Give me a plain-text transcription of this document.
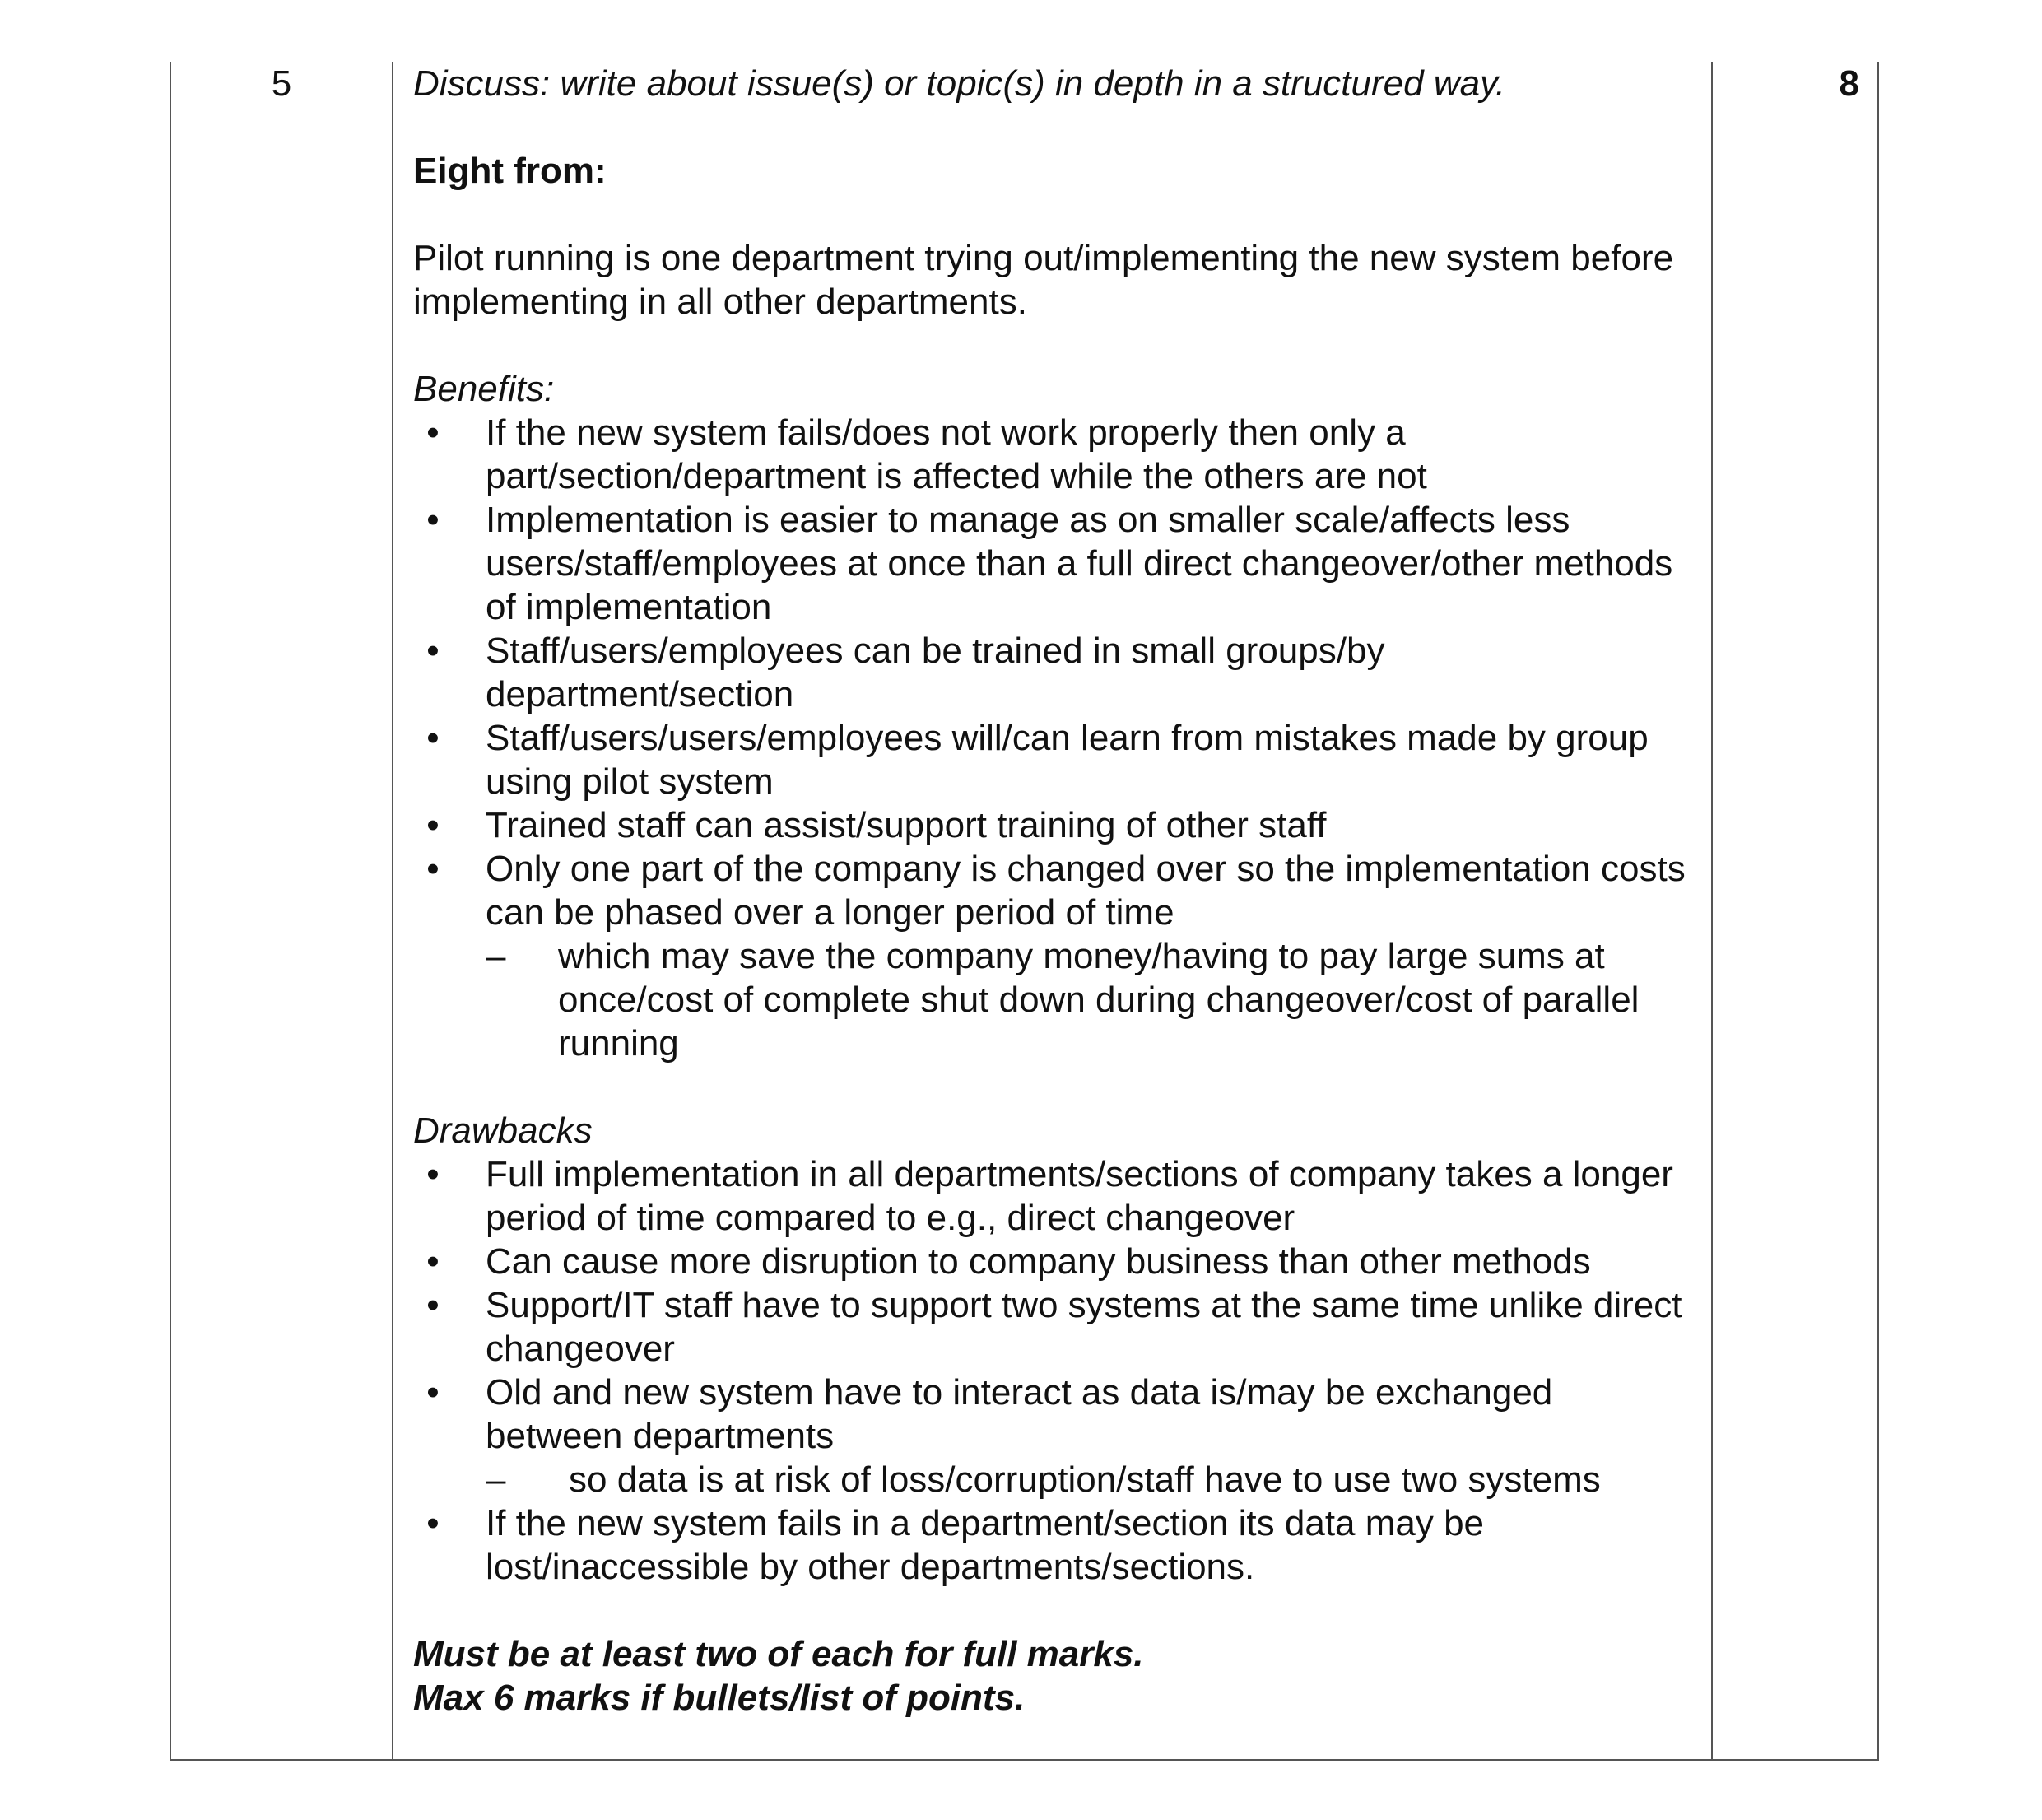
5	Discuss: write about issue(s) or topic(s) in depth in a structured way.

Eight from:

Pilot running is one department trying out/implementing the new system before implementing in all other departments.

Benefits:

• If the new system fails/does not work properly then only a part/section/department is affected while the others are not
• Implementation is easier to manage as on smaller scale/affects less users/staff/employees at once than a full direct changeover/other methods of implementation
• Staff/users/employees can be trained in small groups/by department/section
• Staff/users/users/employees will/can learn from mistakes made by group using pilot system
• Trained staff can assist/support training of other staff
• Only one part of the company is changed over so the implementation costs can be phased over a longer period of time
– which may save the company money/having to pay large sums at once/cost of complete shut down during changeover/cost of parallel running

Drawbacks

• Full implementation in all departments/sections of company takes a longer period of time compared to e.g., direct changeover
• Can cause more disruption to company business than other methods
• Support/IT staff have to support two systems at the same time unlike direct changeover
• Old and new system have to interact as data is/may be exchanged between departments
– so data is at risk of loss/corruption/staff have to use two systems
• If the new system fails in a department/section its data may be lost/inaccessible by other departments/sections.

Must be at least two of each for full marks.

Max 6 marks if bullets/list of points.

8
